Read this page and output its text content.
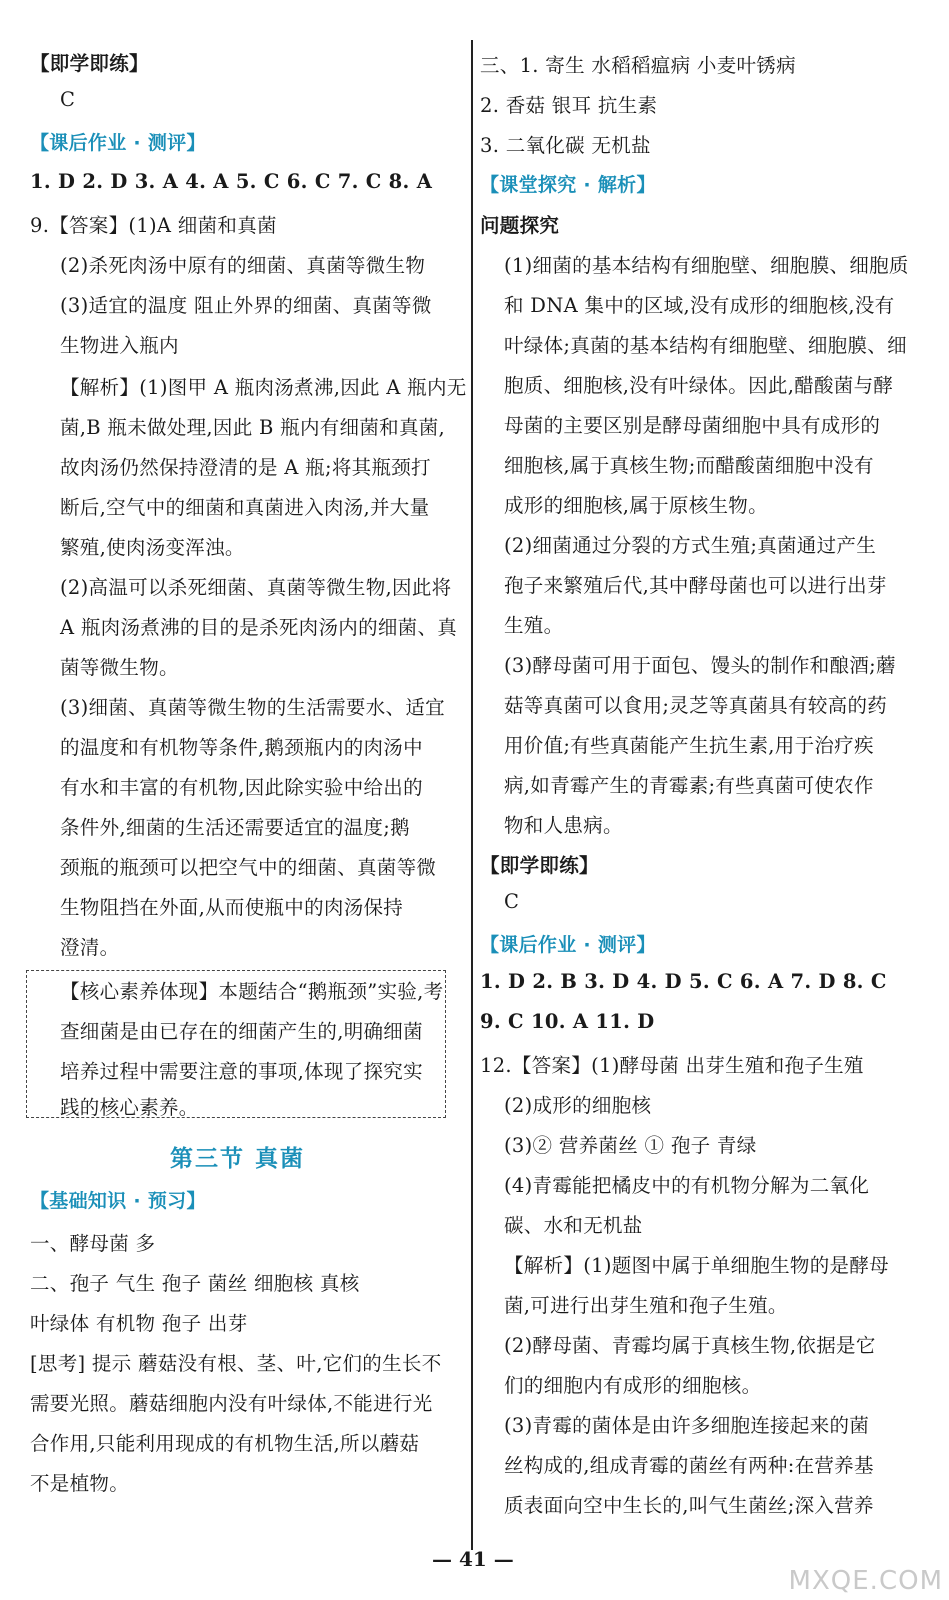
【即学即练】
C
【课后作业 · 测评】
1. D 2. D 3. A 4. A 5. C 6. C 7. C 8. A
9.【答案】(1)A 细菌和真菌
(2)杀死肉汤中原有的细菌、真菌等微生物
(3)适宜的温度 阻止外界的细菌、真菌等微
生物进入瓶内
【解析】(1)图甲 A 瓶肉汤煮沸,因此 A 瓶内无
菌,B 瓶未做处理,因此 B 瓶内有细菌和真菌,
故肉汤仍然保持澄清的是 A 瓶;将其瓶颈打
断后,空气中的细菌和真菌进入肉汤,并大量
繁殖,使肉汤变浑浊。
(2)高温可以杀死细菌、真菌等微生物,因此将
A 瓶肉汤煮沸的目的是杀死肉汤内的细菌、真
菌等微生物。
(3)细菌、真菌等微生物的生活需要水、适宜
的温度和有机物等条件,鹅颈瓶内的肉汤中
有水和丰富的有机物,因此除实验中给出的
条件外,细菌的生活还需要适宜的温度;鹅
颈瓶的瓶颈可以把空气中的细菌、真菌等微
生物阻挡在外面,从而使瓶中的肉汤保持
澄清。
【核心素养体现】本题结合“鹅瓶颈”实验,考
查细菌是由已存在的细菌产生的,明确细菌
培养过程中需要注意的事项,体现了探究实
践的核心素养。
第三节 真菌
【基础知识 · 预习】
一、酵母菌 多
二、孢子 气生 孢子 菌丝 细胞核 真核
叶绿体 有机物 孢子 出芽
[思考] 提示 蘑菇没有根、茎、叶,它们的生长不
需要光照。蘑菇细胞内没有叶绿体,不能进行光
合作用,只能利用现成的有机物生活,所以蘑菇
不是植物。
三、1. 寄生 水稻稻瘟病 小麦叶锈病
2. 香菇 银耳 抗生素
3. 二氧化碳 无机盐
【课堂探究 · 解析】
问题探究
(1)细菌的基本结构有细胞壁、细胞膜、细胞质
和 DNA 集中的区域,没有成形的细胞核,没有
叶绿体;真菌的基本结构有细胞壁、细胞膜、细
胞质、细胞核,没有叶绿体。因此,醋酸菌与酵
母菌的主要区别是酵母菌细胞中具有成形的
细胞核,属于真核生物;而醋酸菌细胞中没有
成形的细胞核,属于原核生物。
(2)细菌通过分裂的方式生殖;真菌通过产生
孢子来繁殖后代,其中酵母菌也可以进行出芽
生殖。
(3)酵母菌可用于面包、馒头的制作和酿酒;蘑
菇等真菌可以食用;灵芝等真菌具有较高的药
用价值;有些真菌能产生抗生素,用于治疗疾
病,如青霉产生的青霉素;有些真菌可使农作
物和人患病。
【即学即练】
C
【课后作业 · 测评】
1. D 2. B 3. D 4. D 5. C 6. A 7. D 8. C
9. C 10. A 11. D
12.【答案】(1)酵母菌 出芽生殖和孢子生殖
(2)成形的细胞核
(3)② 营养菌丝 ① 孢子 青绿
(4)青霉能把橘皮中的有机物分解为二氧化
碳、水和无机盐
【解析】(1)题图中属于单细胞生物的是酵母
菌,可进行出芽生殖和孢子生殖。
(2)酵母菌、青霉均属于真核生物,依据是它
们的细胞内有成形的细胞核。
(3)青霉的菌体是由许多细胞连接起来的菌
丝构成的,组成青霉的菌丝有两种:在营养基
质表面向空中生长的,叫气生菌丝;深入营养
— 41 —
MXQE.COM
